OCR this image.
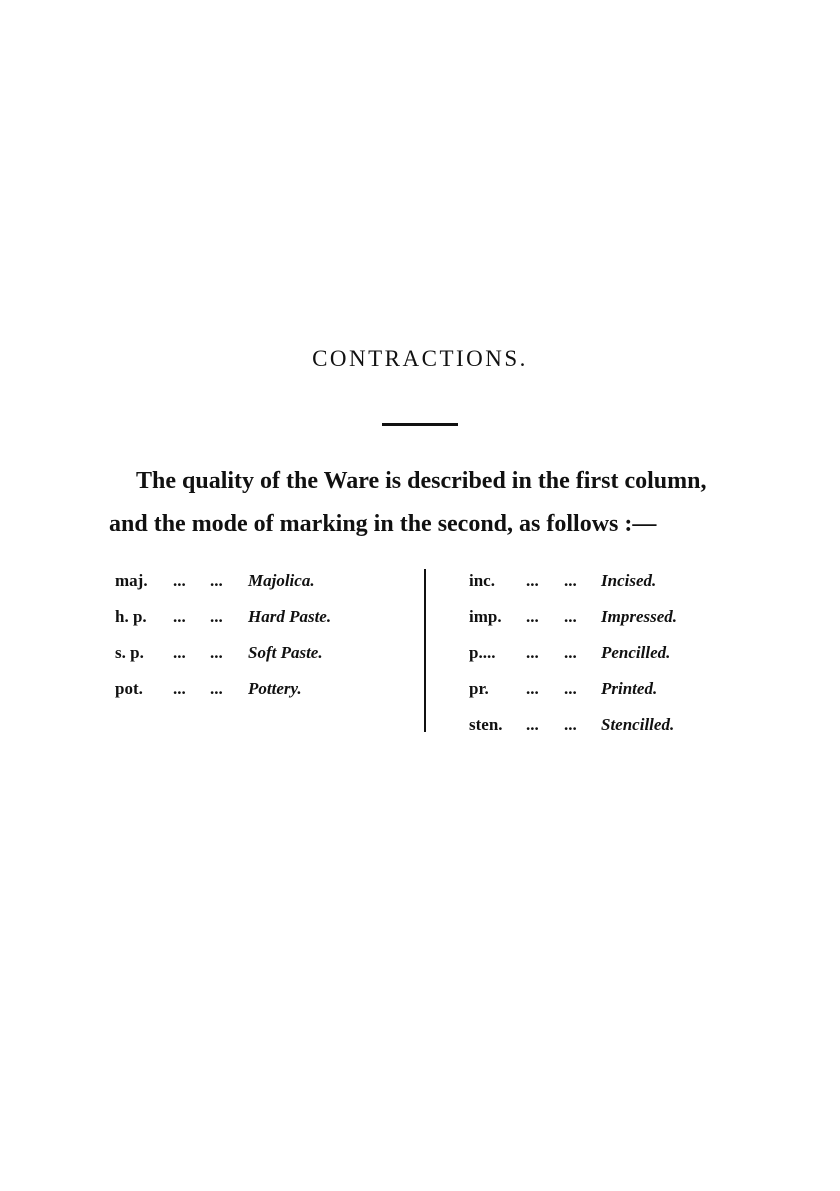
CONTRACTIONS.
The quality of the Ware is described in the first column,
and the mode of marking in the second, as follows :—
maj. ... ... Majolica.
h. p. ... ... Hard Paste.
s. p. ... ... Soft Paste.
pot. ... ... Pottery.
inc. ... ... Incised.
imp. ... ... Impressed.
p.... ... ... Pencilled.
pr. ... ... Printed.
sten. ... ... Stencilled.
